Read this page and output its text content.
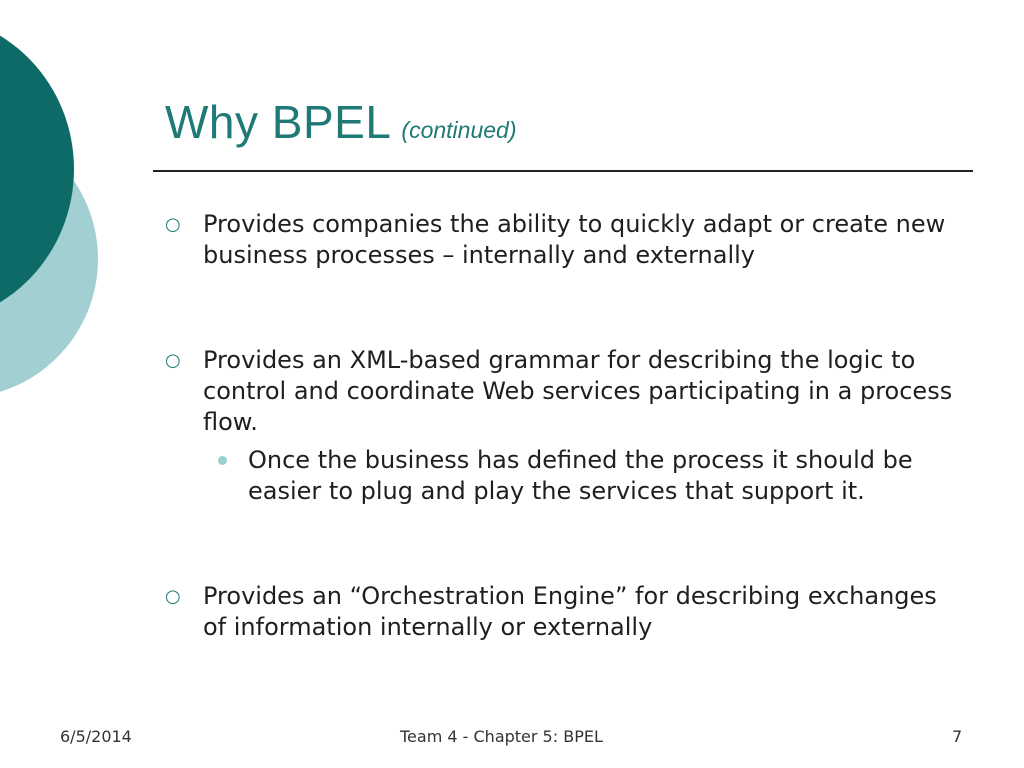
Why BPEL (continued)
○ Provides companies the ability to quickly adapt or create new business processes – internally and externally
○ Provides an XML-based grammar for describing the logic to control and coordinate Web services participating in a process flow.
Once the business has defined the process it should be easier to plug and play the services that support it.
○ Provides an “Orchestration Engine” for describing exchanges of information internally or externally
6/5/2014	Team 4 - Chapter 5: BPEL	7
